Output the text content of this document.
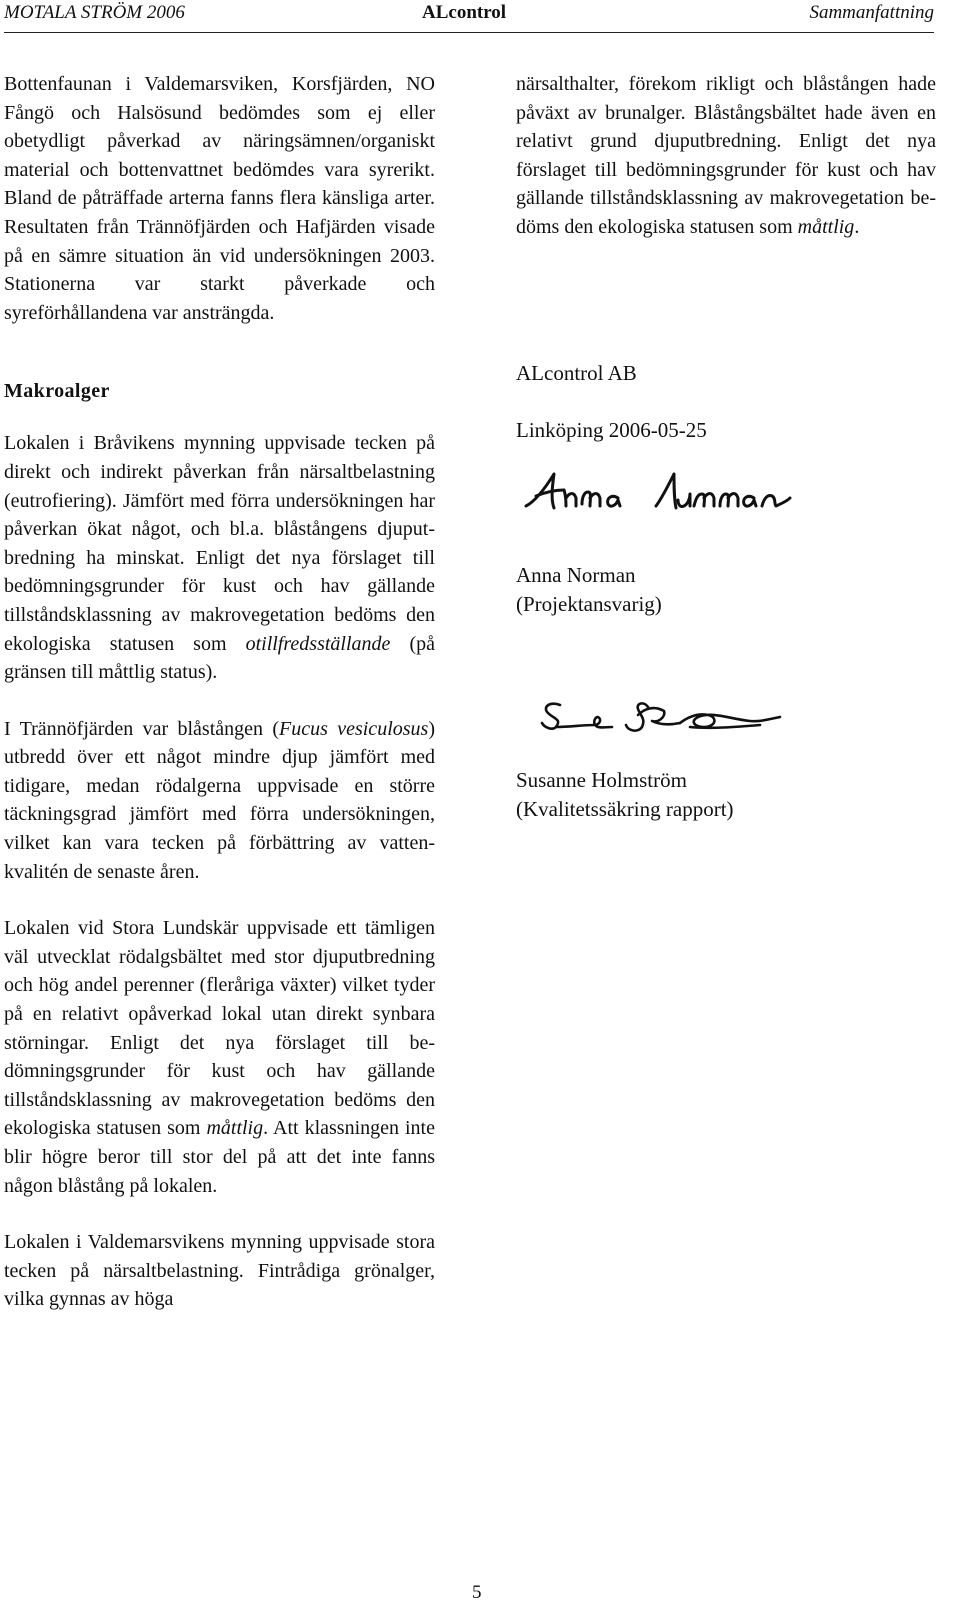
MOTALA STRÖM 2006	ALcontrol	Sammanfattning

Bottenfaunan i Valdemarsviken, Korsfjärden, NO Fångö och Halsösund bedömdes som ej eller obetydligt påverkad av näringsämnen/organiskt material och bottenvattnet bedömdes vara syrerikt. Bland de påträffade arterna fanns flera känsliga arter. Resultaten från Trännöfjärden och Hafjärden visade på en sämre situation än vid undersökningen 2003. Stationerna var starkt påverkade och syreförhållandena var ansträngda.

Makroalger

Lokalen i Bråvikens mynning uppvisade tecken på direkt och indirekt påverkan från närsaltbelastning (eutrofiering). Jämfört med förra undersökningen har påverkan ökat något, och bl.a. blåstångens djuputbredning ha minskat. Enligt det nya förslaget till bedömningsgrunder för kust och hav gällande tillståndsklassning av makrovegetation bedöms den ekologiska statusen som otillfredsställande (på gränsen till måttlig status).

I Trännöfjärden var blåstången (Fucus vesiculosus) utbredd över ett något mindre djup jämfört med tidigare, medan rödalgerna uppvisade en större täckningsgrad jämfört med förra undersökningen, vilket kan vara tecken på förbättring av vattenkvalitén de senaste åren.

Lokalen vid Stora Lundskär uppvisade ett tämligen väl utvecklat rödalgsbältet med stor djuputbredning och hög andel perenner (fleråriga växter) vilket tyder på en relativt opåverkad lokal utan direkt synbara störningar. Enligt det nya förslaget till bedömningsgrunder för kust och hav gällande tillståndsklassning av makrovegetation bedöms den ekologiska statusen som måttlig. Att klassningen inte blir högre beror till stor del på att det inte fanns någon blåstång på lokalen.

Lokalen i Valdemarsvikens mynning uppvisade stora tecken på närsaltbelastning. Fintrådiga grönalger, vilka gynnas av höga

närsalthalter, förekom rikligt och blåstången hade påväxt av brunalger. Blåstångsbältet hade även en relativt grund djuputbredning. Enligt det nya förslaget till bedömningsgrunder för kust och hav gällande tillståndsklassning av makrovegetation bedöms den ekologiska statusen som måttlig.

ALcontrol AB
Linköping 2006-05-25
Anna Norman
(Projektansvarig)
Susanne Holmström
(Kvalitetssäkring rapport)
5
